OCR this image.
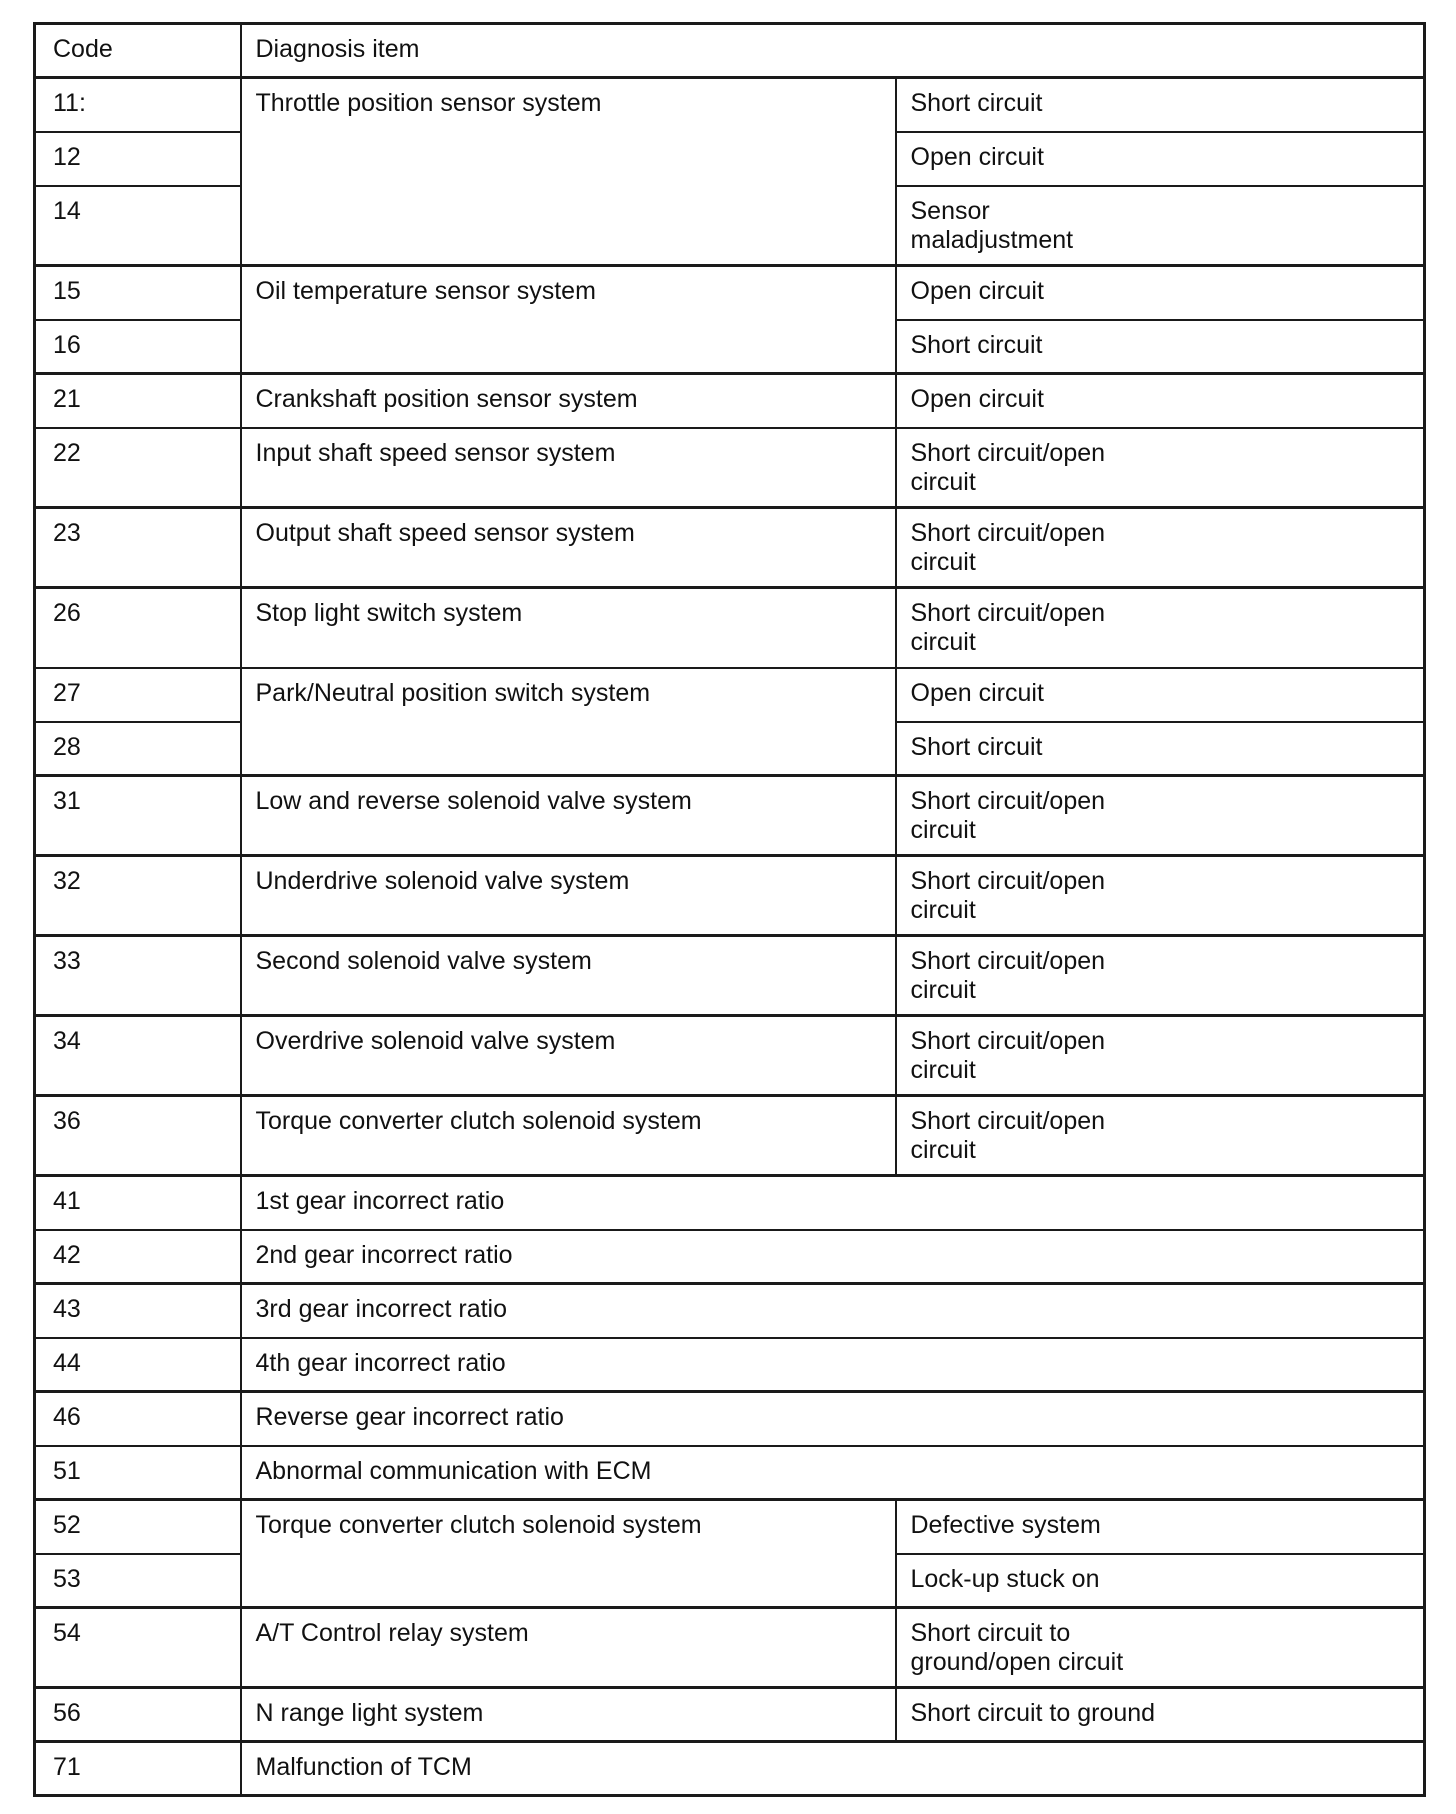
Code	Diagnosis item	
11:	Throttle position sensor system	Short circuit
12		Open circuit
14		Sensor maladjustment
15	Oil temperature sensor system	Open circuit
16		Short circuit
21	Crankshaft position sensor system	Open circuit
22	Input shaft speed sensor system	Short circuit/open circuit
23	Output shaft speed sensor system	Short circuit/open circuit
26	Stop light switch system	Short circuit/open circuit
27	Park/Neutral position switch system	Open circuit
28		Short circuit
31	Low and reverse solenoid valve system	Short circuit/open circuit
32	Underdrive solenoid valve system	Short circuit/open circuit
33	Second solenoid valve system	Short circuit/open circuit
34	Overdrive solenoid valve system	Short circuit/open circuit
36	Torque converter clutch solenoid system	Short circuit/open circuit
41	1st gear incorrect ratio	
42	2nd gear incorrect ratio	
43	3rd gear incorrect ratio	
44	4th gear incorrect ratio	
46	Reverse gear incorrect ratio	
51	Abnormal communication with ECM	
52	Torque converter clutch solenoid system	Defective system
53		Lock-up stuck on
54	A/T Control relay system	Short circuit to ground/open circuit
56	N range light system	Short circuit to ground
71	Malfunction of TCM	
